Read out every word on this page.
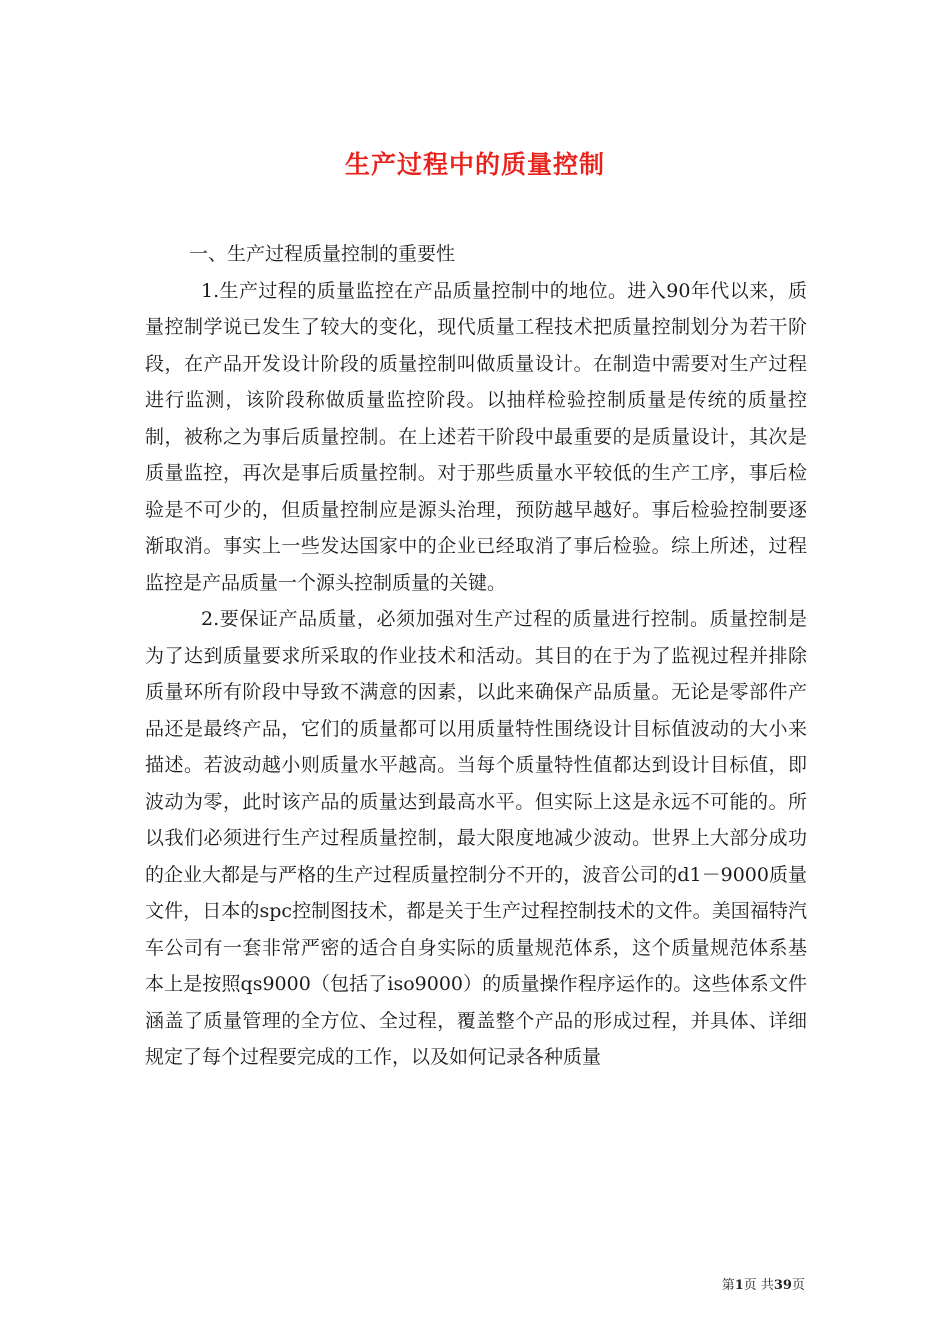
生产过程中的质量控制

一、生产过程质量控制的重要性

1.生产过程的质量监控在产品质量控制中的地位。进入90年代以来，质量控制学说已发生了较大的变化，现代质量工程技术把质量控制划分为若干阶段，在产品开发设计阶段的质量控制叫做质量设计。在制造中需要对生产过程进行监测，该阶段称做质量监控阶段。以抽样检验控制质量是传统的质量控制，被称之为事后质量控制。在上述若干阶段中最重要的是质量设计，其次是质量监控，再次是事后质量控制。对于那些质量水平较低的生产工序，事后检验是不可少的，但质量控制应是源头治理，预防越早越好。事后检验控制要逐渐取消。事实上一些发达国家中的企业已经取消了事后检验。综上所述，过程监控是产品质量一个源头控制质量的关键。

2.要保证产品质量，必须加强对生产过程的质量进行控制。质量控制是为了达到质量要求所采取的作业技术和活动。其目的在于为了监视过程并排除质量环所有阶段中导致不满意的因素，以此来确保产品质量。无论是零部件产品还是最终产品，它们的质量都可以用质量特性围绕设计目标值波动的大小来描述。若波动越小则质量水平越高。当每个质量特性值都达到设计目标值，即波动为零，此时该产品的质量达到最高水平。但实际上这是永远不可能的。所以我们必须进行生产过程质量控制，最大限度地减少波动。世界上大部分成功的企业大都是与严格的生产过程质量控制分不开的，波音公司的d1－9000质量文件，日本的spc控制图技术，都是关于生产过程控制技术的文件。美国福特汽车公司有一套非常严密的适合自身实际的质量规范体系，这个质量规范体系基本上是按照qs9000（包括了iso9000）的质量操作程序运作的。这些体系文件涵盖了质量管理的全方位、全过程，覆盖整个产品的形成过程，并具体、详细规定了每个过程要完成的工作，以及如何记录各种质量

第1页 共39页
